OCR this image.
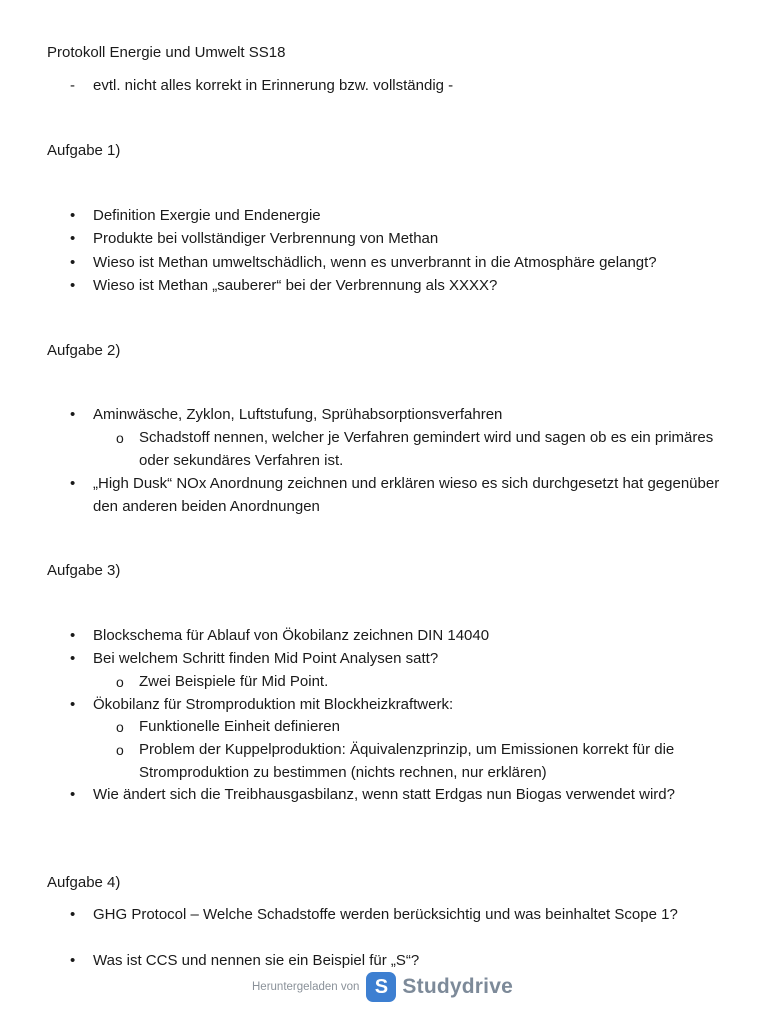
Protokoll Energie und Umwelt SS18
- evtl. nicht alles korrekt in Erinnerung bzw. vollständig -
Aufgabe 1)
•	Definition Exergie und Endenergie
•	Produkte bei vollständiger Verbrennung von Methan
•	Wieso ist Methan umweltschädlich, wenn es unverbrannt in die Atmosphäre gelangt?
•	Wieso ist Methan „sauberer“ bei der Verbrennung als XXXX?
Aufgabe 2)
•	Aminwäsche, Zyklon, Luftstufung, Sprühabsorptionsverfahren
o	Schadstoff nennen, welcher je Verfahren gemindert wird und sagen ob es ein primäres oder sekundäres Verfahren ist.
•	„High Dusk“ NOx Anordnung zeichnen und erklären wieso es sich durchgesetzt hat gegenüber den anderen beiden Anordnungen
Aufgabe 3)
•	Blockschema für Ablauf von Ökobilanz zeichnen DIN 14040
•	Bei welchem Schritt finden Mid Point Analysen satt?
o	Zwei Beispiele für Mid Point.
•	Ökobilanz für Stromproduktion mit Blockheizkraftwerk:
o	Funktionelle Einheit definieren
o	Problem der Kuppelproduktion: Äquivalenzprinzip, um Emissionen korrekt für die Stromproduktion zu bestimmen (nichts rechnen, nur erklären)
•	Wie ändert sich die Treibhausgasbilanz, wenn statt Erdgas nun Biogas verwendet wird?
Aufgabe 4)
•	GHG Protocol – Welche Schadstoffe werden berücksichtig und was beinhaltet Scope 1?
•	Was ist CCS und nennen sie ein Beispiel für „S“?
Heruntergeladen von S Studydrive
